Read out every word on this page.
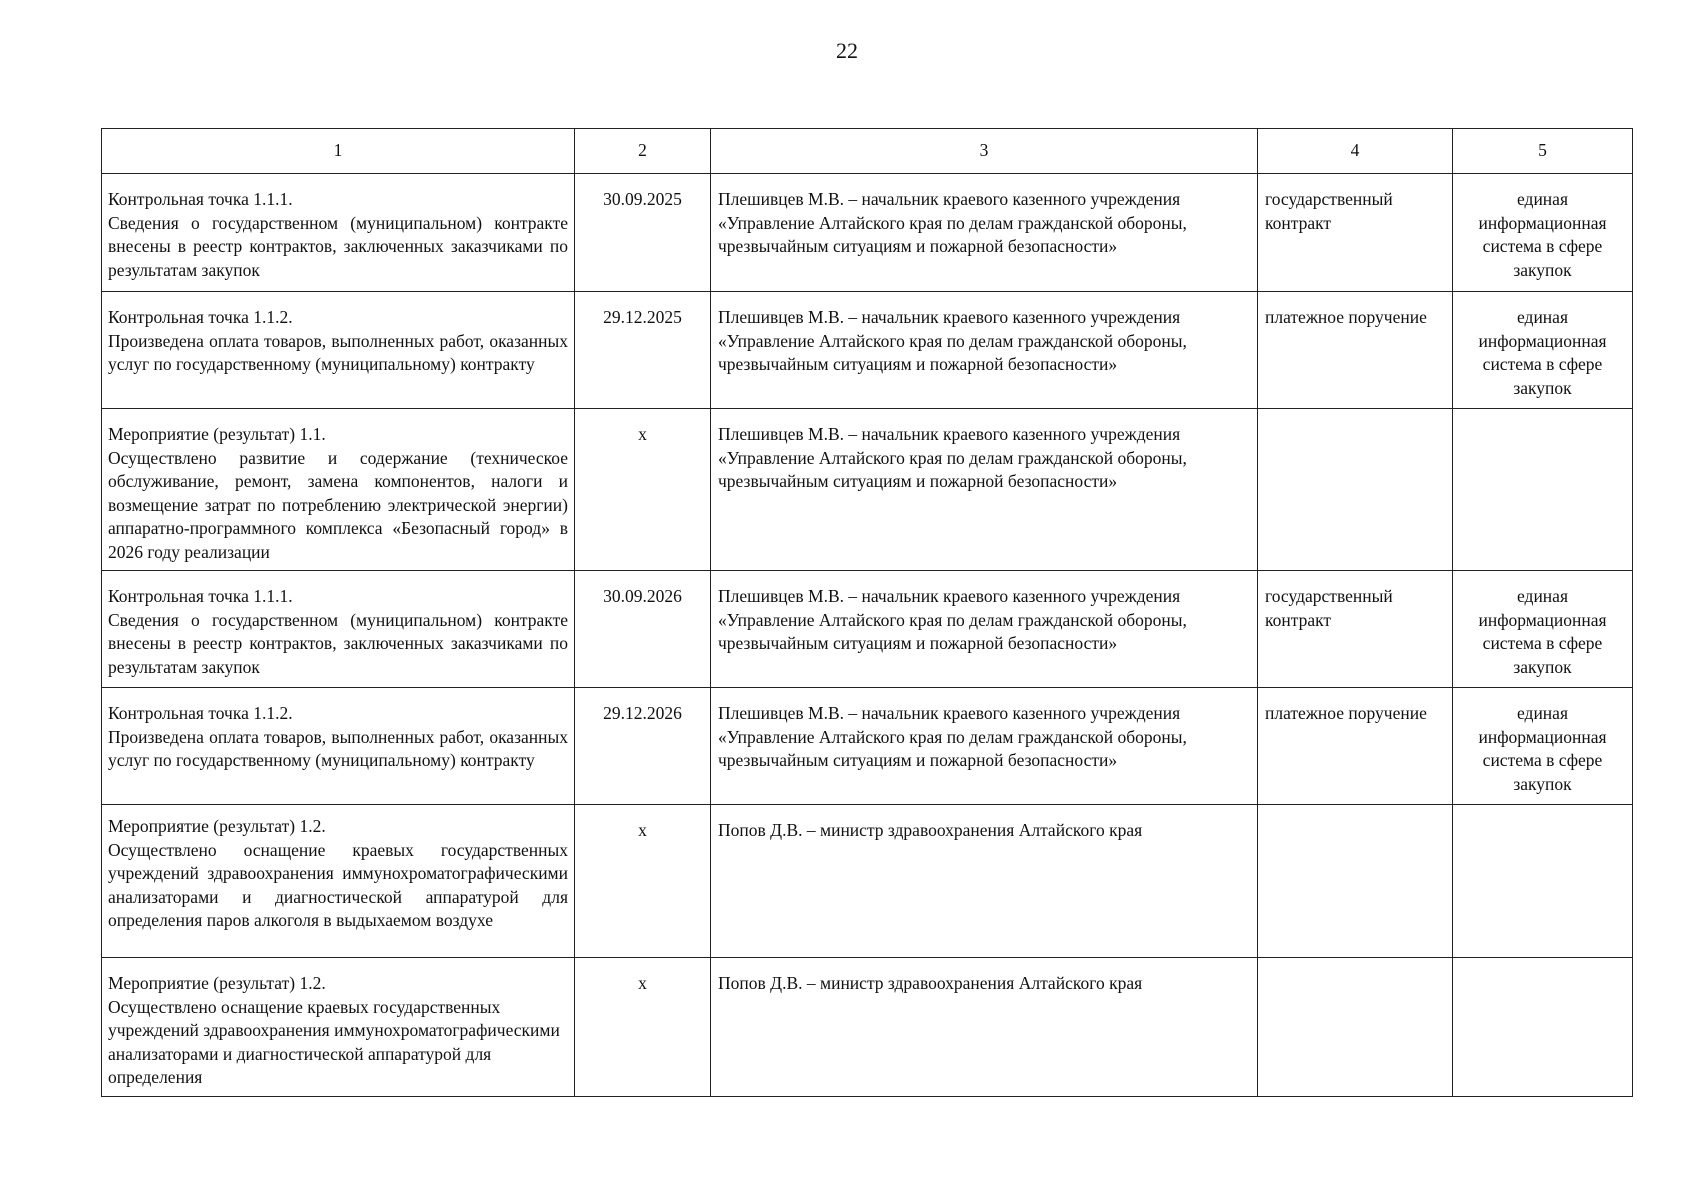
22
1	2	3	4	5

Контрольная точка 1.1.1.
Сведения о государственном (муниципальном) контракте внесены в реестр контрактов, заключенных заказчиками по результатам закупок	30.09.2025	Плешивцев М.В. – начальник краевого казенного учреждения «Управление Алтайского края по делам гражданской обороны, чрезвычайным ситуациям и пожарной безопасности»	государственный контракт	единая информационная система в сфере закупок

Контрольная точка 1.1.2.
Произведена оплата товаров, выполненных работ, оказанных услуг по государственному (муниципальному) контракту	29.12.2025	Плешивцев М.В. – начальник краевого казенного учреждения «Управление Алтайского края по делам гражданской обороны, чрезвычайным ситуациям и пожарной безопасности»	платежное поручение	единая информационная система в сфере закупок

Мероприятие (результат) 1.1.
Осуществлено развитие и содержание (техническое обслуживание, ремонт, замена компонентов, налоги и возмещение затрат по потреблению электрической энергии) аппаратно-программного комплекса «Безопасный город» в 2026 году реализации	х	Плешивцев М.В. – начальник краевого казенного учреждения «Управление Алтайского края по делам гражданской обороны, чрезвычайным ситуациям и пожарной безопасности»		

Контрольная точка 1.1.1.
Сведения о государственном (муниципальном) контракте внесены в реестр контрактов, заключенных заказчиками по результатам закупок	30.09.2026	Плешивцев М.В. – начальник краевого казенного учреждения «Управление Алтайского края по делам гражданской обороны, чрезвычайным ситуациям и пожарной безопасности»	государственный контракт	единая информационная система в сфере закупок

Контрольная точка 1.1.2.
Произведена оплата товаров, выполненных работ, оказанных услуг по государственному (муниципальному) контракту	29.12.2026	Плешивцев М.В. – начальник краевого казенного учреждения «Управление Алтайского края по делам гражданской обороны, чрезвычайным ситуациям и пожарной безопасности»	платежное поручение	единая информационная система в сфере закупок

Мероприятие (результат) 1.2.
Осуществлено оснащение краевых государственных учреждений здравоохранения иммунохроматографическими анализаторами и диагностической аппаратурой для определения паров алкоголя в выдыхаемом воздухе	х	Попов Д.В. – министр здравоохранения Алтайского края		

Мероприятие (результат) 1.2.
Осуществлено оснащение краевых государственных учреждений здравоохранения иммунохроматографическими анализаторами и диагностической аппаратурой для определения	х	Попов Д.В. – министр здравоохранения Алтайского края		
